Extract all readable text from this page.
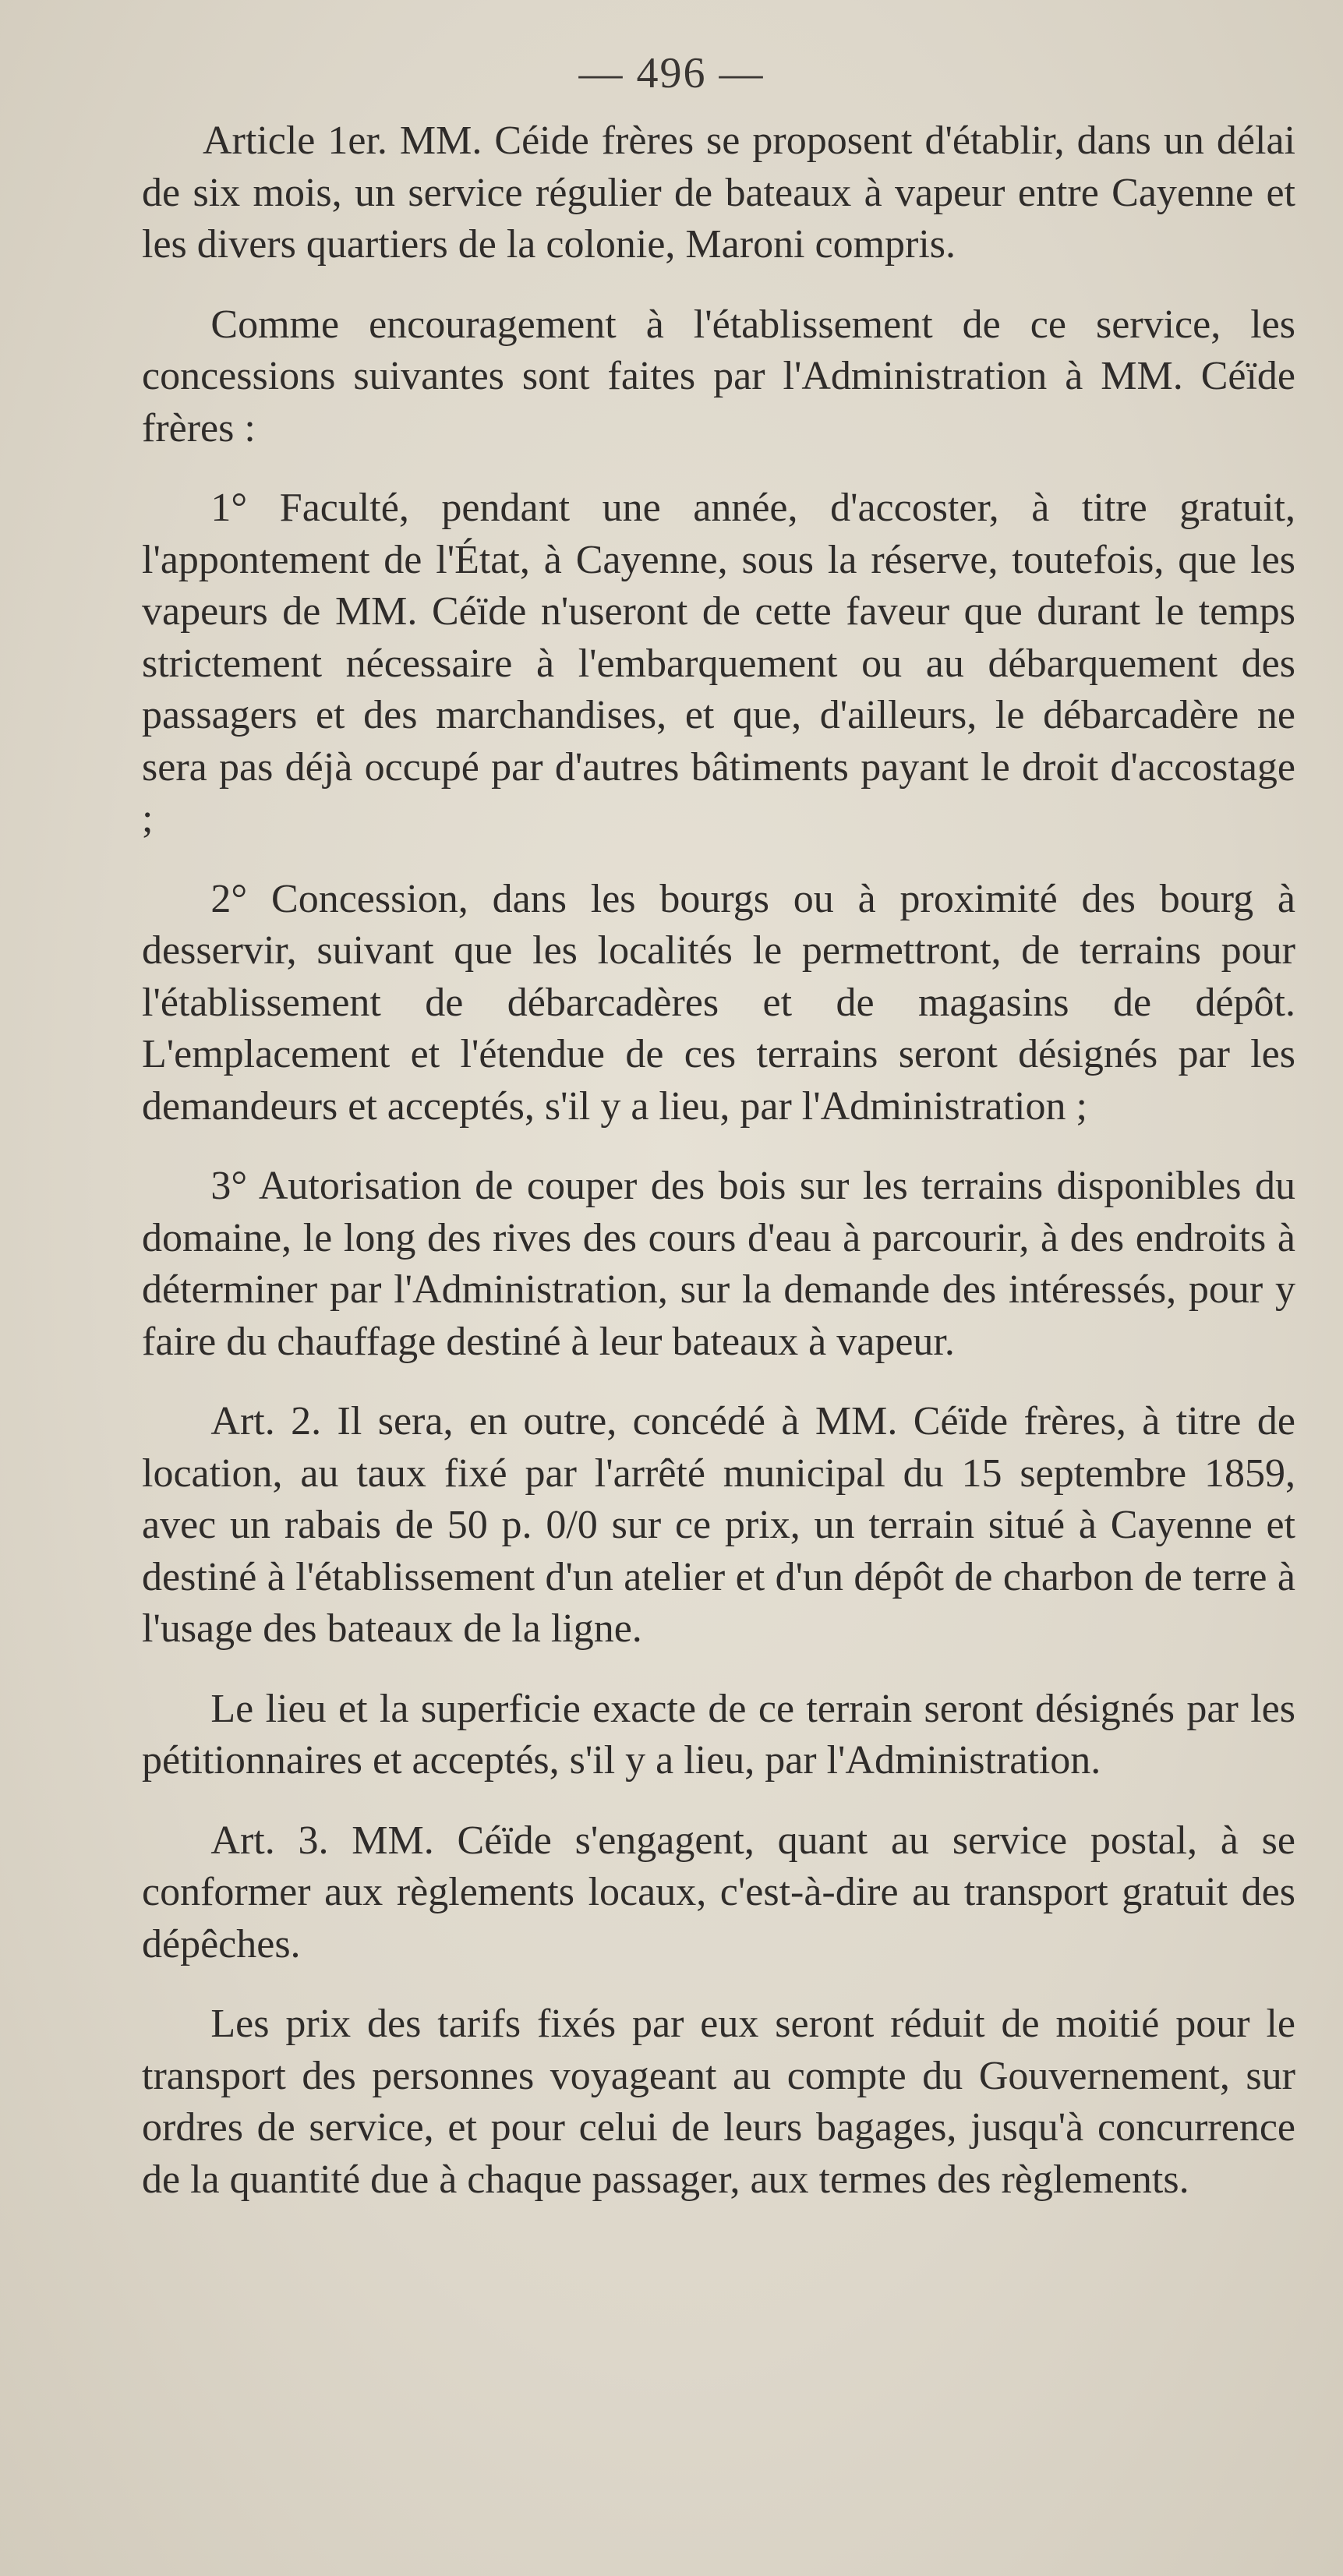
— 496 —

Article 1er. MM. Céide frères se proposent d'établir, dans un délai de six mois, un service régulier de bateaux à vapeur entre Cayenne et les divers quartiers de la colonie, Maroni compris.

Comme encouragement à l'établissement de ce service, les concessions suivantes sont faites par l'Administration à MM. Céïde frères :

1° Faculté, pendant une année, d'accoster, à titre gratuit, l'appontement de l'État, à Cayenne, sous la réserve, toutefois, que les vapeurs de MM. Céïde n'useront de cette faveur que durant le temps strictement nécessaire à l'embarquement ou au débarquement des passagers et des marchandises, et que, d'ailleurs, le débarcadère ne sera pas déjà occupé par d'autres bâtiments payant le droit d'accostage ;

2° Concession, dans les bourgs ou à proximité des bourg à desservir, suivant que les localités le permettront, de terrains pour l'établissement de débarcadères et de magasins de dépôt. L'emplacement et l'étendue de ces terrains seront désignés par les demandeurs et acceptés, s'il y a lieu, par l'Administration ;

3° Autorisation de couper des bois sur les terrains disponibles du domaine, le long des rives des cours d'eau à parcourir, à des endroits à déterminer par l'Administration, sur la demande des intéressés, pour y faire du chauffage destiné à leur bateaux à vapeur.

Art. 2. Il sera, en outre, concédé à MM. Céïde frères, à titre de location, au taux fixé par l'arrêté municipal du 15 septembre 1859, avec un rabais de 50 p. 0/0 sur ce prix, un terrain situé à Cayenne et destiné à l'établissement d'un atelier et d'un dépôt de charbon de terre à l'usage des bateaux de la ligne.

Le lieu et la superficie exacte de ce terrain seront désignés par les pétitionnaires et acceptés, s'il y a lieu, par l'Administration.

Art. 3. MM. Céïde s'engagent, quant au service postal, à se conformer aux règlements locaux, c'est-à-dire au transport gratuit des dépêches.

Les prix des tarifs fixés par eux seront réduit de moitié pour le transport des personnes voyageant au compte du Gouvernement, sur ordres de service, et pour celui de leurs bagages, jusqu'à concurrence de la quantité due à chaque passager, aux termes des règlements.
